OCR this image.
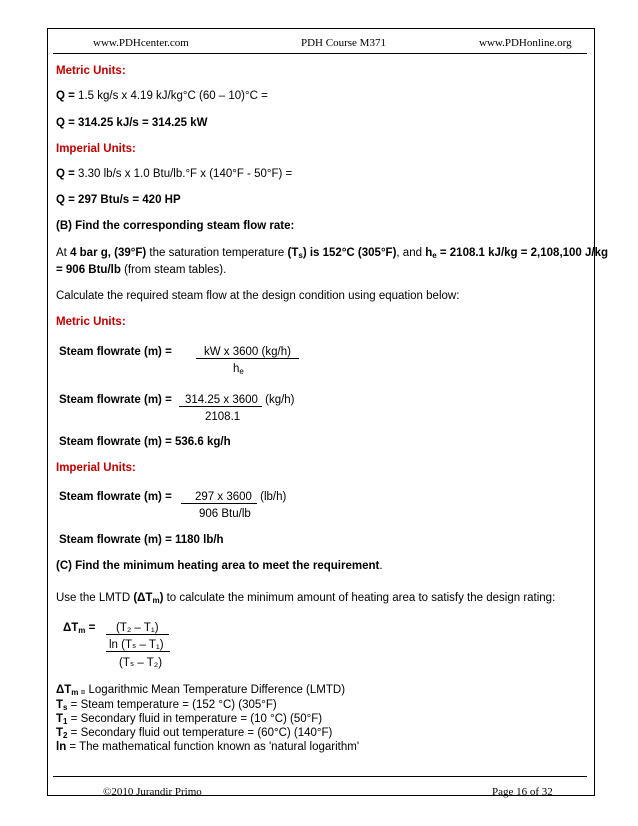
www.PDHcenter.com	PDH Course M371	www.PDHonline.org
Metric Units:
Q = 1.5 kg/s x 4.19 kJ/kg°C (60 – 10)°C =
Q = 314.25 kJ/s = 314.25 kW
Imperial Units:
Q = 3.30 lb/s x 1.0 Btu/lb.°F x (140°F - 50°F) =
Q = 297 Btu/s = 420 HP
(B) Find the corresponding steam flow rate:
At 4 bar g, (39°F) the saturation temperature $(T_s)$ is 152°C (305°F), and $h_e = 2108.1$ kJ/kg = 2,108,100 J/kg
= 906 Btu/lb (from steam tables).
Calculate the required steam flow at the design condition using equation below:
Metric Units:
Steam flowrate (m) =	kW x 3600 (kg/h)
$h_e$
Steam flowrate (m) =	314.25 x 3600 (kg/h)
2108.1
Steam flowrate (m) = 536.6 kg/h
Imperial Units:
Steam flowrate (m) =	297 x 3600 (lb/h)
906 Btu/lb
Steam flowrate (m) = 1180 lb/h
(C) Find the minimum heating area to meet the requirement.
Use the LMTD $(\Delta T_m)$ to calculate the minimum amount of heating area to satisfy the design rating:
$\Delta T_m$ =	(T₂ – T₁)
ln (Tₛ – T₁)
(Tₛ – T₂)
$\Delta T_{m =}$ Logarithmic Mean Temperature Difference (LMTD)
$T_s$ = Steam temperature = (152 °C) (305°F)
$T_1$ = Secondary fluid in temperature = (10 °C) (50°F)
$T_2$ = Secondary fluid out temperature = (60°C) (140°F)
ln = The mathematical function known as 'natural logarithm'
©2010 Jurandir Primo	Page 16 of 32
